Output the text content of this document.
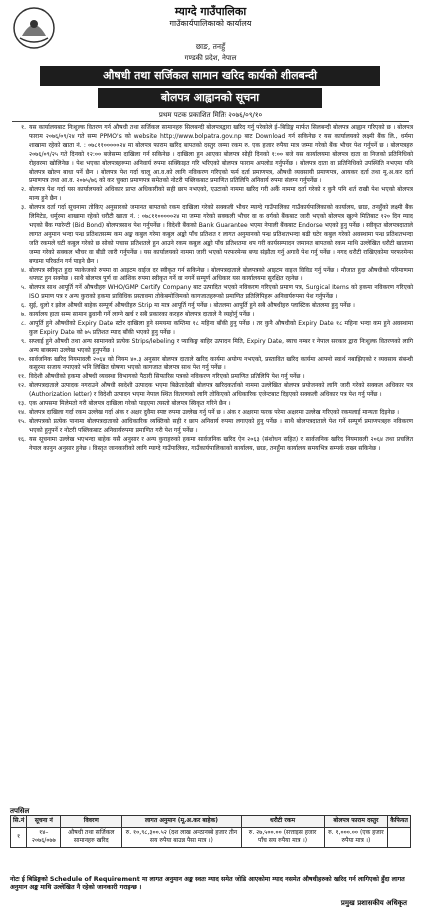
म्याग्दे गाउँपालिका
गाउँकार्यपालिकाको कार्यालय
छाङ, तनहुँ
गण्डकी प्रदेश, नेपाल
औषधी तथा सर्जिकल सामान खरिद कार्यको शीलबन्दी
बोलपत्र आह्वानको सूचना
प्रथम पटक प्रकाशित मितिः २०७६/०९/१०
१. यस कार्यालयबाट निःशुल्क वितरण गर्न औषधी तथा सर्जिकल सामानहरु सिलबन्दी बोलपत्रद्वारा खरिद गर्नु परेकोले ई–बिडिङ्ग मार्फत सिलबन्दी बोलपत्र आह्वान गरिएको छ । बोलपत्र फाराम २०७६/०९/२४ गते सम्म PPMO's को website http://www.bolpatra.gov.np बाट Download गर्न सकिनेछ र यस कार्यालयको लक्ष्मी बैंक लि., धर्ममा शाखामा रहेको खाता नं. : ०७८११०००००२४ मा बोलपत्र फाराम खरिद बापतको दस्तुर जम्मा रकम रु. एक हजार रुपैया मात्र जम्मा गरेको बैंक भौचर पेश गर्नुपर्ने छ । बोलपत्रहरु २०७६/०९/२५ गते दिनको १२:०० बजेसम्म दाखिला गर्न सकिनेछ । दाखिला हुन आएका बोलपत्र सोही दिनको १:०० बजे यस कार्यालयमा बोलपत्र दाता वा निजको प्रतिनिधिको रोहवरमा खोलिनेछ । पेश भएका बोलपत्रहरूमा अनिवार्य रुपमा सक्किाइत गरि भरिएको बोलपत्र फाराम अपलोड गर्नुपर्नेछ । बोलपत्र दाता वा प्रतिनिधिको उपस्थिति नभएमा पनि बोलपत्र खोल्न बाधा पर्ने छैन । बोलपत्र पेश गर्दा चालू आ.व.को लागि नविकरण गरिएको फर्म दर्ता प्रमाणपत्र, औषधी व्यवसायी प्रमाणपत्र, आयकर दर्ता तथा मू.अ.कर दर्ता प्रमाणपत्र तथा आ.व. २०७५/७६ को कर चुक्ता प्रमाणपत्र समेतको नोटरी पब्लिकबाट प्रमाणित प्रतिलिपि अनिवार्य रुपमा संलग्न गर्नुपर्नेछ ।
२. बोलपत्र पेश गर्दा यस कार्यालयको अधिकार प्राप्त अधिकारीको सही छाप नभएको, एउटाको नाममा खरिद गरी अर्कै नाममा दर्ता गरेको र कुनै पनि शर्त राखी पेश भएको बोलपत्र मान्य हुने छैन ।
३. बोलपत्र दर्ता गर्दा सूचनामा तोकिए अनुसारको जमानत बापतको रकम दाखिला गरेको सक्कली भौचर म्याग्दे गाउँपालिका गाउँकार्यपालिकाको कार्यालय, छाङ, तनहुँको लक्ष्मी बैंक लिमिटेड, धर्मुरमा शाखामा रहेको धरौटी खाता नं. : ०७८११०००००२४ मा जम्मा गरेको सक्कली भौचर वा क वर्गको बैंकबाट जारी भएको बोलपत्र खुल्ने मितिबाट १२० दिन म्याद भएको बैंक ग्यारेन्टी (Bid Bond) बोलपत्रसाथ पेश गर्नुपर्नेछ । विदेशी बैंकको Bank Guarantee भएमा नेपाली बैंकबाट Endorse भएको हुनु पर्नेछ । स्वीकृत बोलपत्रदाताले लागत अनुमान भन्दा पन्ध्र प्रतिशतसम्म कम अङ्क कबुल गरेमा कबुल अङ्को पाँच प्रतिशत र लागत अनुमानको पन्ध्र प्रतिशतभन्दा बढी घटेर कबुल गरेको अवस्थामा पन्ध्र प्रतिशतभन्दा जति रकमले घटी कबुल गरेको छ सोको पचास प्रतिशतले हुन आउने रकम कबुल अङ्को पाँच प्रतिशतमा थप गरी कार्यसम्पादन जमानत बापतको रकम माथि उल्लेखित धरौटी खातामा जम्मा गरेको सक्कल भौचर वा बीडी जारी गर्नुपर्नेछ । यस कार्यालयको नाममा जारी भएको परफरमेन्स बण्ड संझौता गर्नु अगावै पेश गर्नु पर्नेछ । नगद धरौटी राखिएकोमा परफरमेन्स बण्डमा परिवर्तन गर्न पाइने छैन ।
४. बोलपत्र स्वीकृत हुदा प्याकेजको रुपमा वा आइटम वाईज दर स्वीकृत गर्न सकिनेछ । बोलपत्रदाताले बोलपत्रको आइटम वाइज विविड गर्नु पर्नेछ । मौजात हुदा औषधीको परिमाणमा थपघट हुन सक्नेछ । साथै बोलपत्र पूर्ण वा आंशिक रुपमा स्वीकृत गर्ने वा नगर्ने सम्पूर्ण अधिकार यस कार्यालयमा सुरक्षित रहनेछ ।
५. बोलपत्र साथ आपूर्ति गर्ने औषधीहरु WHO/GMP Certify Company बाट उत्पादित भएको नविकरण गरिएको प्रमाण पत्र, Surgical Items को हकमा नविकरण गरिएको ISO प्रमाण पत्र र अन्य कुराको हकमा प्राविधिक प्रस्तावमा तोकेबमोजिमको कागजातहरूको प्रमाणित प्रतिलिपिहरू अनिवार्यरुपमा पेश गर्नुपर्नेछ ।
६. सुई, धुलो र झोल औषधी बाहेक सम्पूर्ण औषधीहरु Strip मा मात्र आपूर्ति गर्नु पर्नेछ । बोतलमा आपूर्ति हुने सबै औषधीहरु प्लास्टिक बोतलमा हुनु पर्नेछ ।
७. कार्यालय हाता सम्म सामान ढुवानी गर्ने लाग्ने खर्च र सबै प्रकारका करहरु बोलपत्र दाताले नै व्यहोर्नु पर्नेछ ।
८. आपूर्ति हुने औषधीको Expiry Date स्टोर दाखिला हुने समयमा कम्तिमा १८ महिना बाँकी हुनु पर्नेछ । तर कुनै औषधीको Expiry Date १८ महिना भन्दा कम हुने अवस्थामा कुल Expiry Date को ७५ प्रतिशत म्याद बाँकी भएको हुनु पर्नेछ ।
९. सप्लाई हुने औषधी तथा अन्य सामानको प्रत्येक Strips/lebeling र प्याकिङ्ग बाहिर उत्पादन मिति, Expiry Date, ब्याच नम्बर र नेपाल सरकार द्वारा निःशुल्क वितरणको लागि अन्य बाक्समा उल्लेख भएको हुनुपर्नेछ ।
१०. सार्वजनिक खरिद नियमावली २०६४ को नियम ४०.३ अनुसार बोलपत्र दाताले खरिद कार्यमा अयोग्य नभएको, प्रस्तावित खरिद कार्यमा आफ्नो स्वार्थ नबाझिएको र व्यवसाय संबन्धी कसुरमा सजाय नपाएको भनि लिखित घोषणा भएको कागजात बोलपत्र साथ पेश गर्नु पर्नेछ ।
११. विदेशी औषधीको हकमा औषधी व्यवस्था विभागको पैठारी सिफारिस पत्रको नविकरण गरिएको प्रमाणित प्रतिलिपि पेश गर्नु पर्नेछ ।
१२. बोलपत्रदाताले उत्पादक नगराउने औषधी स्वदेशी उत्पादक भएमा बिक्रेतादेखी बोलपत्र खरिदकर्ताको नाममा उल्लेखित बोलपत्र प्रयोजनको लागि जारी गरेको सक्कल अधिकार पत्र (Authorization letter) र विदेशी उत्पादन भएमा नेपाल स्थित वितरणको लागि तोकिएको अधिकारिक एजेन्टबाट दिइएको सक्कली अधिकार पत्र पेश गर्नु पर्नेछ ।
१३. एक आपसमा मिलेमतो गरी बोलपत्र दाखिला गरेको पाइएमा त्यस्तो बोलपत्र स्विकृत गरिने छैन ।
१४. बोलपत्र दाखिला गर्दा रकम उल्लेख गर्दा अंक र अक्षर दुवैमा स्पष्ट रुपमा उल्लेख गर्नु पर्ने छ । अंक र अक्षरमा फरक परेमा अक्षरमा उल्लेख गरिएको रकमलाई मान्यता दिइनेछ ।
१५. बोलपत्रको प्रत्येक पानामा बोलपत्रदाताको आधिकारिक व्यक्तिको सही र छाप अनिवार्य रुपमा लगाएको हुनु पर्नेछ । साथै बोलपत्रदाताले पेश गर्ने सम्पूर्ण प्रमाणपत्रहरु नविकरण भएको हुनुपर्ने र नोटरी पब्लिकबाट अनिवार्यरुपमा प्रमाणित गरी पेश गर्नु पर्नेछ ।
१६. यस सूचनामा उल्लेख भएभन्दा बाहेक यसै अनुसार र अन्य कुराहरुको हकमा सार्वजनिक खरिद ऐन २०६३ (संशोधन सहित) र सार्वजनिक खरिद नियमावली २०६४ तथा प्रचलित नेपाल कानुन अनुसार हुनेछ । विस्तृत जानकारीको लागि म्याग्दे गाउँपालिका, गाउँकार्यपालिकाको कार्यालय, छाङ, तनहुँमा कार्यालय समयभित्र सम्पर्क राख्न सकिनेछ ।
तपसिल
सि.नं	सूचना नं	विवरण	लागत अनुमान (मू.अ.कर बाहेक)	धरौटी रकम	बोलपत्र फाराम दस्तुर	कैफियत
१	१४–२०७६/०७७	औषधी तथा सर्जिकल सामानहरु खरिद	रु. १०,९८,३००.५२ (दश लाख अन्ठानब्बे हजार तीन सय रुपैया बाउन्न पैसा मात्र ।)	रु. २७,५००.०० (सत्ताइस हजार पाँच सय रुपैया मात्र ।)	रु. १,०००.०० (एक हजार रुपैया मात्र ।)	
नोटः ई बिडिङ्गको Schedule of Requirement मा लागत अनुमान अङ्क स्वतः म्याद समेत जोडि आएकोमा म्याद नसमेत औषधीहरुको खरिद गर्न लागिएको हुँदा लागत अनुमान अङ्क माथि उल्लेखित नै रहेको जानकारी गराइन्छ ।
प्रमुख प्रशासकीय अधिकृत
